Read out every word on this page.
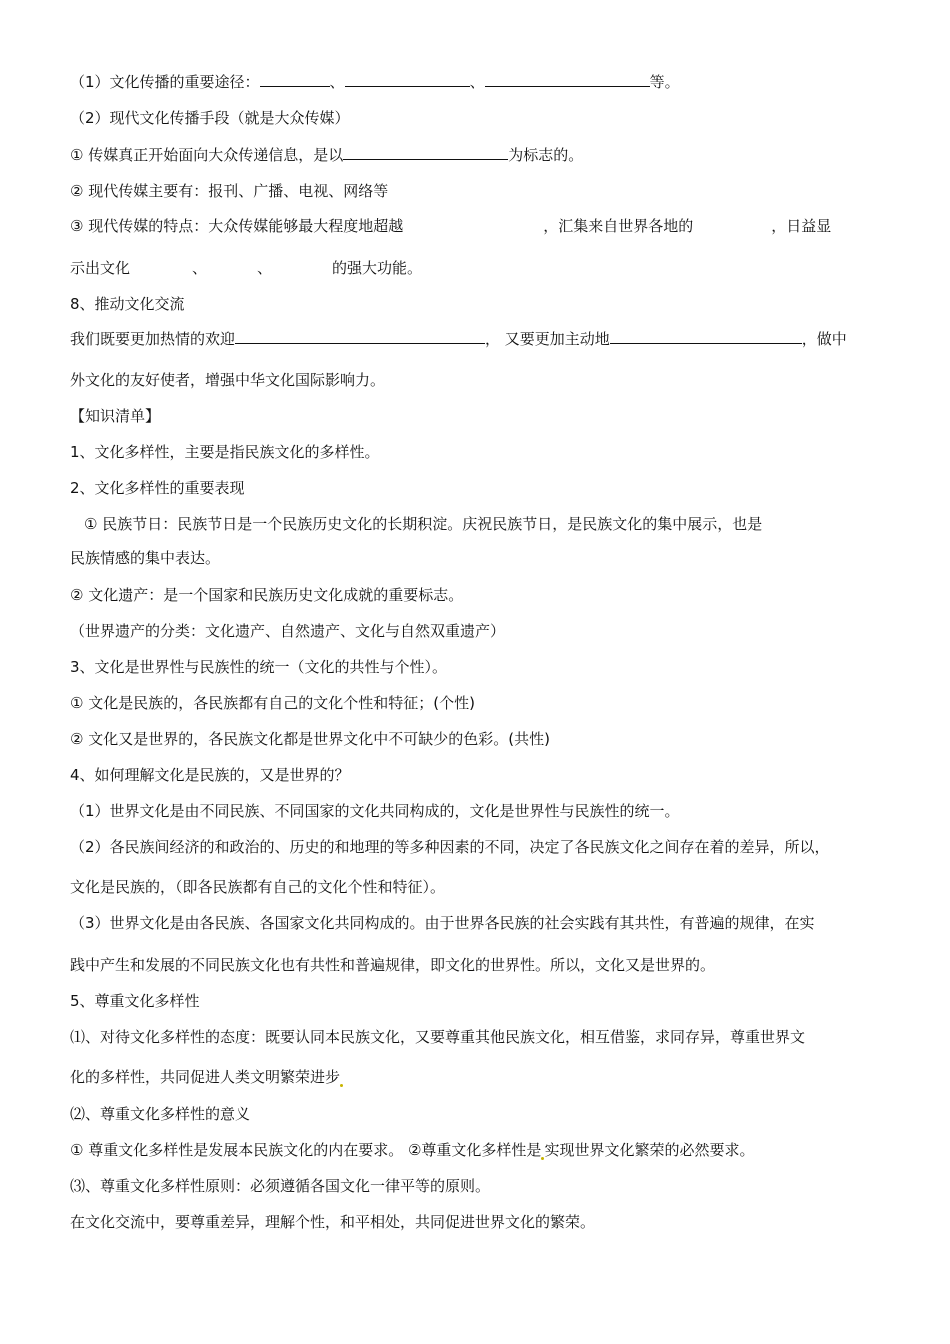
（1）文化传播的重要途径：	、	、	等。
（2）现代文化传播手段（就是大众传媒）
① 传媒真正开始面向大众传递信息，是以	为标志的。
② 现代传媒主要有：报刊、广播、电视、网络等
③ 现代传媒的特点：大众传媒能够最大程度地超越	，汇集来自世界各地的	，日益显
示出文化	、	、	的强大功能。
8、推动文化交流
我们既要更加热情的欢迎	， 又要更加主动地	，做中
外文化的友好使者，增强中华文化国际影响力。
【知识清单】
1、文化多样性，主要是指民族文化的多样性。
2、文化多样性的重要表现
① 民族节日：民族节日是一个民族历史文化的长期积淀。庆祝民族节日，是民族文化的集中展示，也是
民族情感的集中表达。
② 文化遗产：是一个国家和民族历史文化成就的重要标志。
（世界遗产的分类：文化遗产、自然遗产、文化与自然双重遗产）
3、文化是世界性与民族性的统一（文化的共性与个性）。
① 文化是民族的，各民族都有自己的文化个性和特征；(个性)
② 文化又是世界的，各民族文化都是世界文化中不可缺少的色彩。(共性)
4、如何理解文化是民族的，又是世界的？
（1）世界文化是由不同民族、不同国家的文化共同构成的，文化是世界性与民族性的统一。
（2）各民族间经济的和政治的、历史的和地理的等多种因素的不同，决定了各民族文化之间存在着的差异，所以，
文化是民族的，（即各民族都有自己的文化个性和特征）。
（3）世界文化是由各民族、各国家文化共同构成的。由于世界各民族的社会实践有其共性，有普遍的规律，在实
践中产生和发展的不同民族文化也有共性和普遍规律，即文化的世界性。所以，文化又是世界的。
5、尊重文化多样性
⑴、对待文化多样性的态度：既要认同本民族文化，又要尊重其他民族文化，相互借鉴，求同存异，尊重世界文
化的多样性，共同促进人类文明繁荣进步
⑵、尊重文化多样性的意义
① 尊重文化多样性是发展本民族文化的内在要求。 ②尊重文化多样性是 实现世界文化繁荣的必然要求。
⑶、尊重文化多样性原则：必须遵循各国文化一律平等的原则。
在文化交流中，要尊重差异，理解个性，和平相处，共同促进世界文化的繁荣。
